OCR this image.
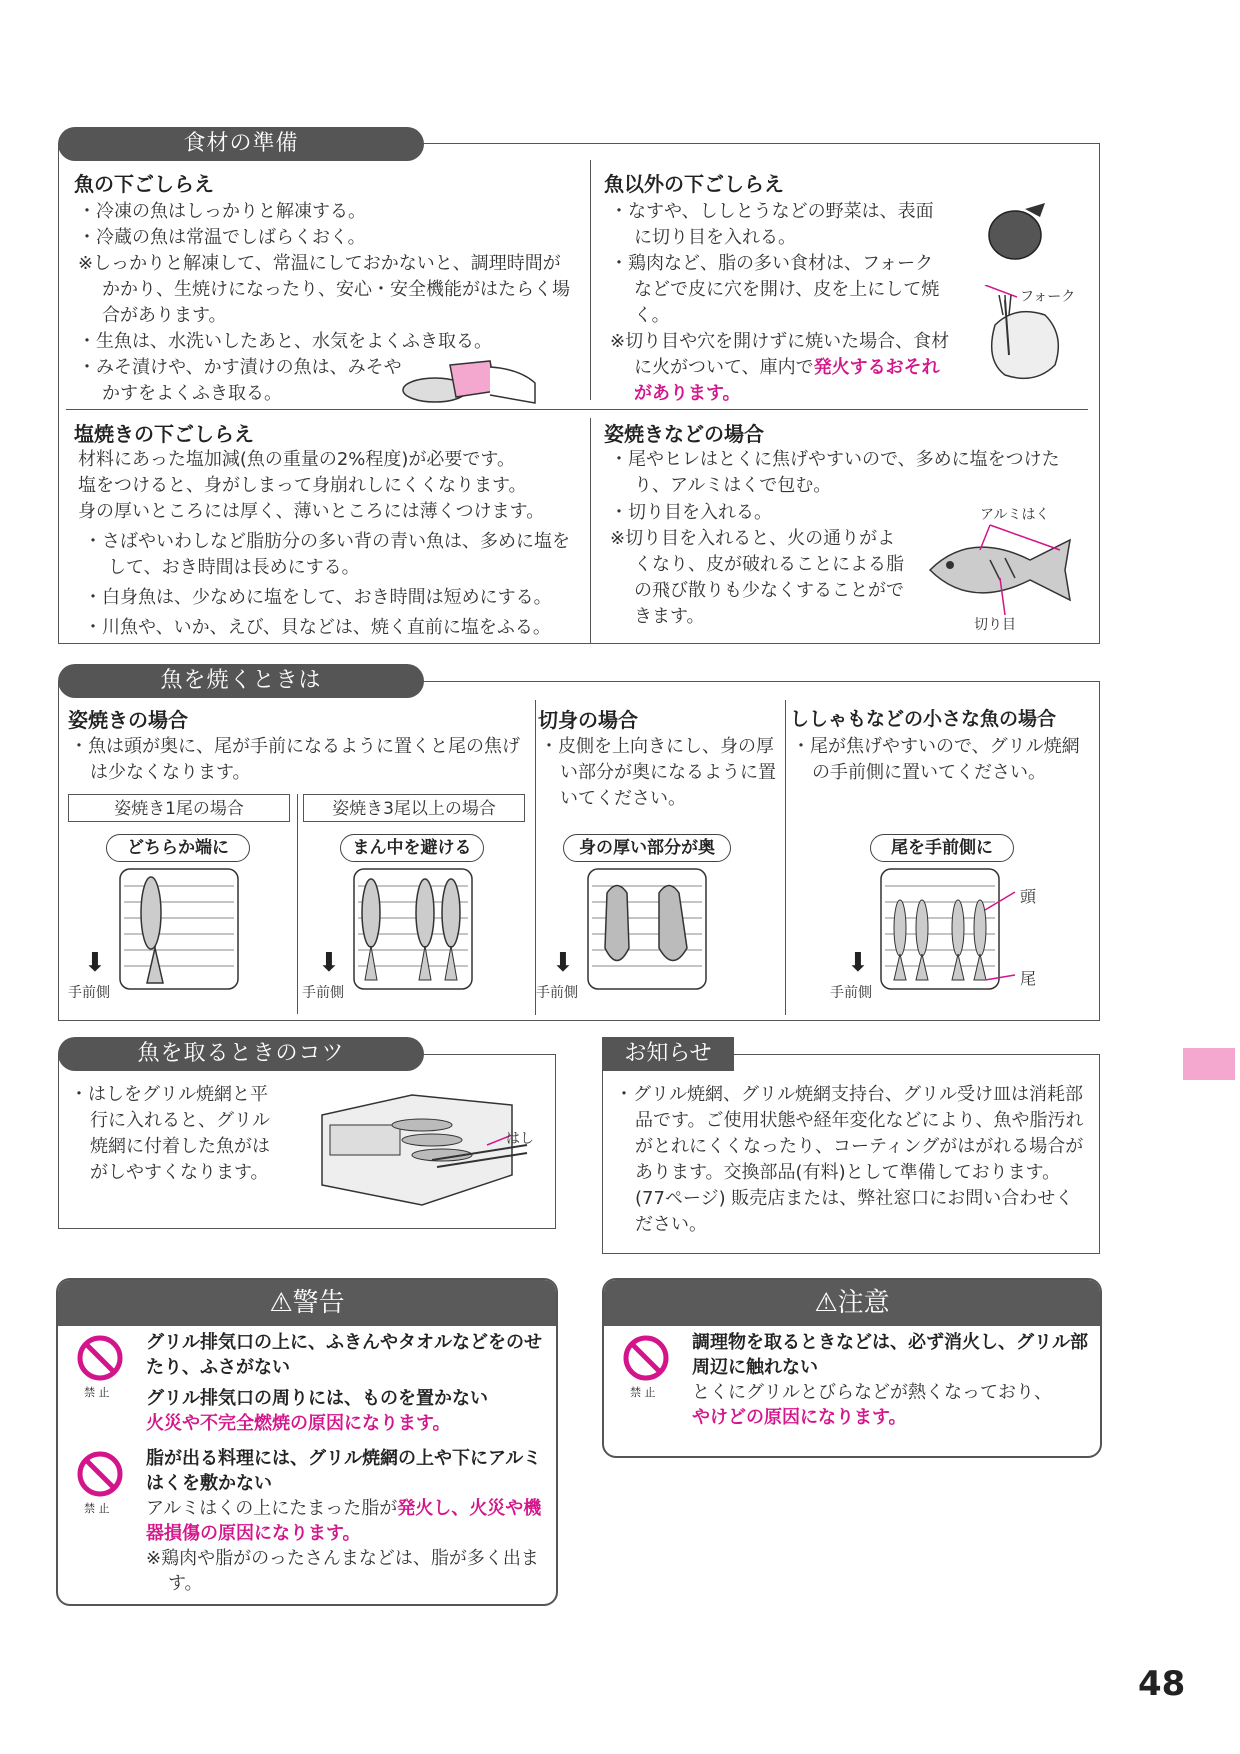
食材の準備
魚の下ごしらえ
・冷凍の魚はしっかりと解凍する。
・冷蔵の魚は常温でしばらくおく。
※しっかりと解凍して、常温にしておかないと、調理時間がかかり、生焼けになったり、安心・安全機能がはたらく場合があります。
・生魚は、水洗いしたあと、水気をよくふき取る。
・みそ漬けや、かす漬けの魚は、みそやかすをよくふき取る。
魚以外の下ごしらえ
・なすや、ししとうなどの野菜は、表面に切り目を入れる。
・鶏肉など、脂の多い食材は、フォークなどで皮に穴を開け、皮を上にして焼く。
※切り目や穴を開けずに焼いた場合、食材に火がついて、庫内で発火するおそれがあります。
フォーク
塩焼きの下ごしらえ
材料にあった塩加減(魚の重量の2%程度)が必要です。
塩をつけると、身がしまって身崩れしにくくなります。
身の厚いところには厚く、薄いところには薄くつけます。
・さばやいわしなど脂肪分の多い背の青い魚は、多めに塩をして、おき時間は長めにする。
・白身魚は、少なめに塩をして、おき時間は短めにする。
・川魚や、いか、えび、貝などは、焼く直前に塩をふる。
姿焼きなどの場合
・尾やヒレはとくに焦げやすいので、多めに塩をつけたり、アルミはくで包む。
・切り目を入れる。
※切り目を入れると、火の通りがよくなり、皮が破れることによる脂の飛び散りも少なくすることができます。
アルミはく
切り目
魚を焼くときは
姿焼きの場合
・魚は頭が奥に、尾が手前になるように置くと尾の焦げは少なくなります。
姿焼き1尾の場合	姿焼き3尾以上の場合
切身の場合
・皮側を上向きにし、身の厚い部分が奥になるように置いてください。
ししゃもなどの小さな魚の場合
・尾が焦げやすいので、グリル焼網の手前側に置いてください。
どちらか端に	まん中を避ける	身の厚い部分が奥	尾を手前側に
頭
尾
⬇
手前側
⬇
手前側
⬇
手前側
⬇
手前側
魚を取るときのコツ
・はしをグリル焼網と平行に入れると、グリル焼網に付着した魚がはがしやすくなります。
はし
お知らせ
・グリル焼網、グリル焼網支持台、グリル受け皿は消耗部品です。ご使用状態や経年変化などにより、魚や脂汚れがとれにくくなったり、コーティングがはがれる場合があります。交換部品(有料)として準備しております。(77ページ) 販売店または、弊社窓口にお問い合わせください。
⚠警告
禁 止
グリル排気口の上に、ふきんやタオルなどをのせたり、ふさがない
グリル排気口の周りには、ものを置かない
火災や不完全燃焼の原因になります。
禁 止
脂が出る料理には、グリル焼網の上や下にアルミはくを敷かない
アルミはくの上にたまった脂が発火し、火災や機器損傷の原因になります。
※鶏肉や脂がのったさんまなどは、脂が多く出ます。
⚠注意
禁 止
調理物を取るときなどは、必ず消火し、グリル部周辺に触れない
とくにグリルとびらなどが熱くなっており、
やけどの原因になります。
48
